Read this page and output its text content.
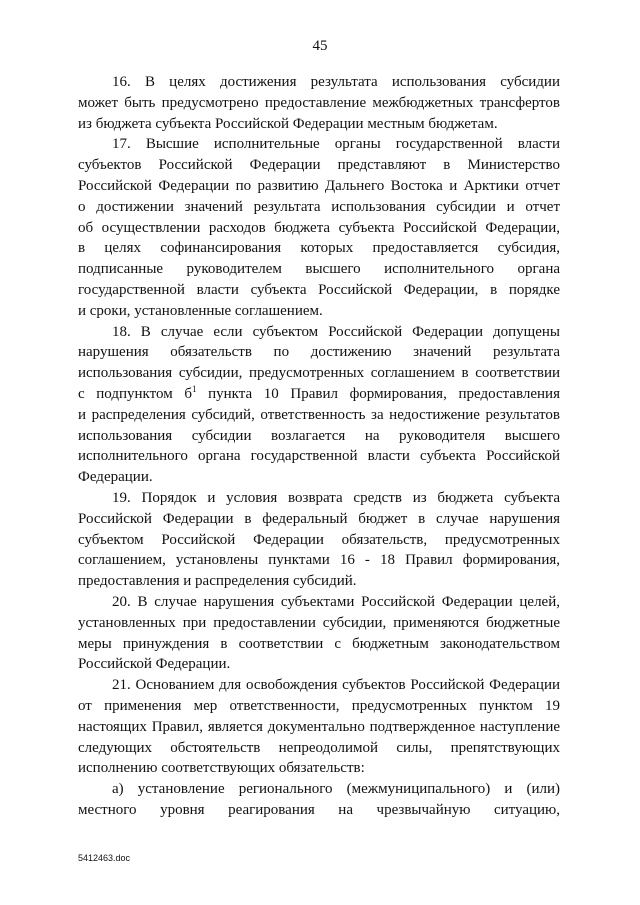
45

16. В целях достижения результата использования субсидии
может быть предусмотрено предоставление межбюджетных трансфертов
из бюджета субъекта Российской Федерации местным бюджетам.

17. Высшие исполнительные органы государственной власти
субъектов Российской Федерации представляют в Министерство
Российской Федерации по развитию Дальнего Востока и Арктики отчет
о достижении значений результата использования субсидии и отчет
об осуществлении расходов бюджета субъекта Российской Федерации,
в целях софинансирования которых предоставляется субсидия,
подписанные руководителем высшего исполнительного органа
государственной власти субъекта Российской Федерации, в порядке
и сроки, установленные соглашением.

18. В случае если субъектом Российской Федерации допущены
нарушения обязательств по достижению значений результата
использования субсидии, предусмотренных соглашением в соответствии
с подпунктом $б^1$ пункта 10 Правил формирования, предоставления
и распределения субсидий, ответственность за недостижение результатов
использования субсидии возлагается на руководителя высшего
исполнительного органа государственной власти субъекта Российской
Федерации.

19. Порядок и условия возврата средств из бюджета субъекта
Российской Федерации в федеральный бюджет в случае нарушения
субъектом Российской Федерации обязательств, предусмотренных
соглашением, установлены пунктами 16 - 18 Правил формирования,
предоставления и распределения субсидий.

20. В случае нарушения субъектами Российской Федерации целей,
установленных при предоставлении субсидии, применяются бюджетные
меры принуждения в соответствии с бюджетным законодательством
Российской Федерации.

21. Основанием для освобождения субъектов Российской Федерации
от применения мер ответственности, предусмотренных пунктом 19
настоящих Правил, является документально подтвержденное наступление
следующих обстоятельств непреодолимой силы, препятствующих
исполнению соответствующих обязательств:

а) установление регионального (межмуниципального) и (или)
местного уровня реагирования на чрезвычайную ситуацию,

5412463.doc
